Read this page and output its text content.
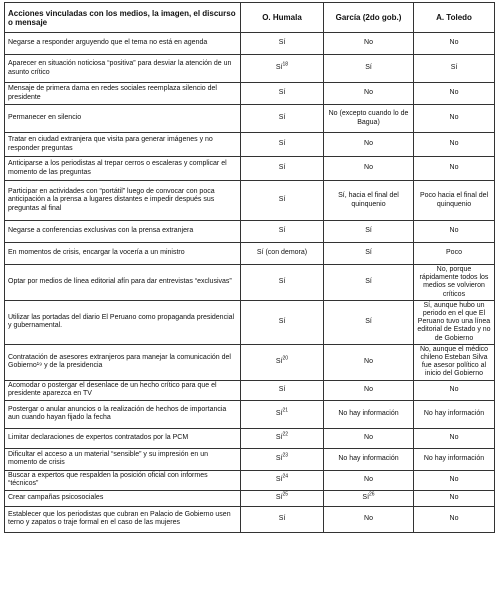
Acciones vinculadas con los medios, la imagen, el discurso o mensaje	O. Humala	García (2do gob.)	A. Toledo
Negarse a responder arguyendo que el tema no está en agenda	Sí	No	No
Aparecer en situación noticiosa “positiva” para desviar la atención de un asunto crítico	$Sí^{18}$	Sí	Sí
Mensaje de primera dama en redes sociales reemplaza silencio del presidente	Sí	No	No
Permanecer en silencio	Sí	No (excepto cuando lo de Bagua)	No
Tratar en ciudad extranjera que visita para generar imágenes y no responder preguntas	Sí	No	No
Anticiparse a los periodistas al trepar cerros o escaleras y complicar el momento de las preguntas	Sí	No	No
Participar en actividades con “portátil” luego de convocar con poca anticipación a la prensa a lugares distantes e impedir después sus preguntas al final	Sí	Sí, hacia el final del quinquenio	Poco hacia el final del quinquenio
Negarse a conferencias exclusivas con la prensa extranjera	Sí	Sí	No
En momentos de crisis, encargar la vocería a un ministro	Sí (con demora)	Sí	Poco
Optar por medios de línea editorial afín para dar entrevistas “exclusivas”	Sí	Sí	No, porque rápidamente todos los medios se volvieron críticos
Utilizar las portadas del diario El Peruano como propaganda presidencial y gubernamental.	Sí	Sí	Sí, aunque hubo un periodo en el que El Peruano tuvo una línea editorial de Estado y no de Gobierno
Contratación de asesores extranjeros para manejar la comunicación del Gobierno¹⁹ y de la presidencia	$Sí^{20}$	No	No, aunque el médico chileno Esteban Silva fue asesor político al inicio del Gobierno
Acomodar o postergar el desenlace de un hecho crítico para que el presidente aparezca en TV	Sí	No	No
Postergar o anular anuncios o la realización de hechos de importancia aun cuando hayan fijado la fecha	$Sí^{21}$	No hay información	No hay información
Limitar declaraciones de expertos contratados por la PCM	$Sí^{22}$	No	No
Dificultar el acceso a un material “sensible” y su impresión en un momento de crisis	$Sí^{23}$	No hay información	No hay información
Buscar a expertos que respalden la posición oficial con informes “técnicos”	$Sí^{24}$	No	No
Crear campañas psicosociales	$Sí^{25}$	$Sí^{26}$	No
Establecer que los periodistas que cubran en Palacio de Gobierno usen terno y zapatos o traje formal en el caso de las mujeres	Sí	No	No
